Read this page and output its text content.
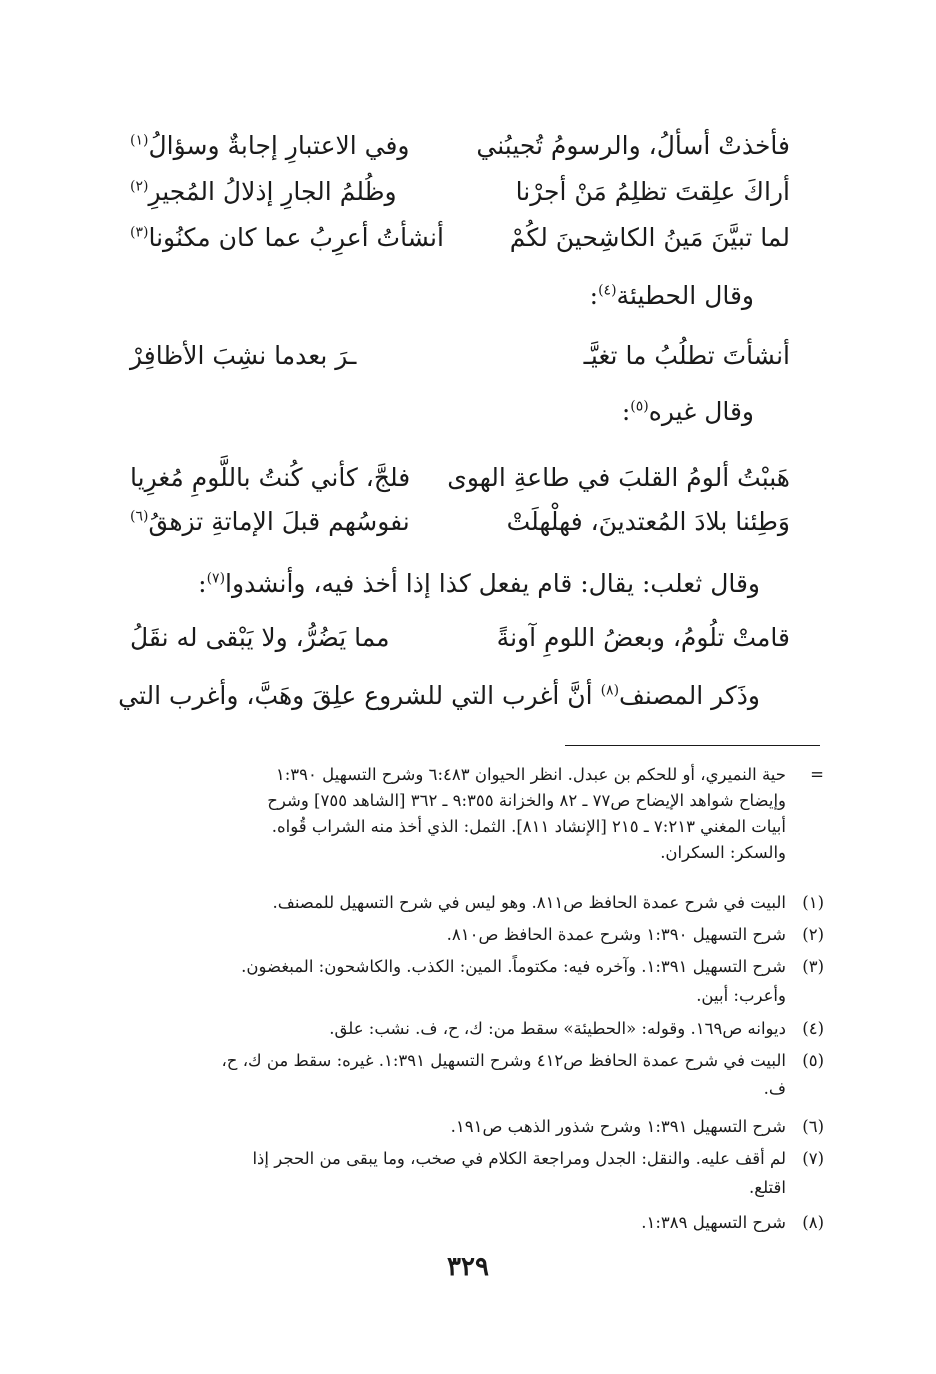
فأخذتْ أسألُ، والرسومُ تُجيبُني
وفي الاعتبارِ إجابةٌ وسؤالُ$^{(١)}$
أراكَ علِقتَ تظلِمُ مَنْ أجرْنا
وظُلمُ الجارِ إذلالُ المُجيرِ$^{(٢)}$
لما تبيَّنَ مَينُ الكاشِحينَ لكُمْ
أنشأتُ أعرِبُ عما كان مكنُونا$^{(٣)}$
وقال الحطيئة$^{(٤)}$:
أنشأتَ تطلُبُ ما تغيَّـ
ـرَ بعدما نشِبَ الأظافِرْ
وقال غيره$^{(٥)}$:
هَببْتُ ألومُ القلبَ في طاعةِ الهوى
فلجَّ، كأني كُنتُ باللَّومِ مُغرِيا
وَطِئنا بلادَ المُعتدينَ، فهلْهلَتْ
نفوسُهم قبلَ الإماتةِ تزهقُ$^{(٦)}$
وقال ثعلب: يقال: قام يفعل كذا إذا أخذ فيه، وأنشدوا$^{(٧)}$:
قامتْ تلُومُ، وبعضُ اللومِ آونةً
مما يَضُرُّ، ولا يَبْقى له نقَلُ
وذَكر المصنف$^{(٨)}$ أنَّ أغرب التي للشروع علِقَ وهَبَّ، وأغرب التي
=
حية النميري، أو للحكم بن عبدل. انظر الحيوان ٦:٤٨٣ وشرح التسهيل ١:٣٩٠
وإيضاح شواهد الإيضاح ص٧٧ ـ ٨٢ والخزانة ٩:٣٥٥ ـ ٣٦٢ [الشاهد ٧٥٥] وشرح
أبيات المغني ٧:٢١٣ ـ ٢١٥ [الإنشاد ٨١١]. الثمل: الذي أخذ منه الشراب قُواه.
والسكر: السكران.
(١)
البيت في شرح عمدة الحافظ ص٨١١. وهو ليس في شرح التسهيل للمصنف.
(٢)
شرح التسهيل ١:٣٩٠ وشرح عمدة الحافظ ص٨١٠.
(٣)
شرح التسهيل ١:٣٩١. وآخره فيه: مكتوماً. المين: الكذب. والكاشحون: المبغضون.
وأعرب: أبين.
(٤)
ديوانه ص١٦٩. وقوله: «الحطيئة» سقط من: ك، ح، ف. نشب: علق.
(٥)
البيت في شرح عمدة الحافظ ص٤١٢ وشرح التسهيل ١:٣٩١. غيره: سقط من ك، ح،
ف.
(٦)
شرح التسهيل ١:٣٩١ وشرح شذور الذهب ص١٩١.
(٧)
لم أقف عليه. والنقل: الجدل ومراجعة الكلام في صخب، وما يبقى من الحجر إذا
اقتلع.
(٨)
شرح التسهيل ١:٣٨٩.
٣٢٩
